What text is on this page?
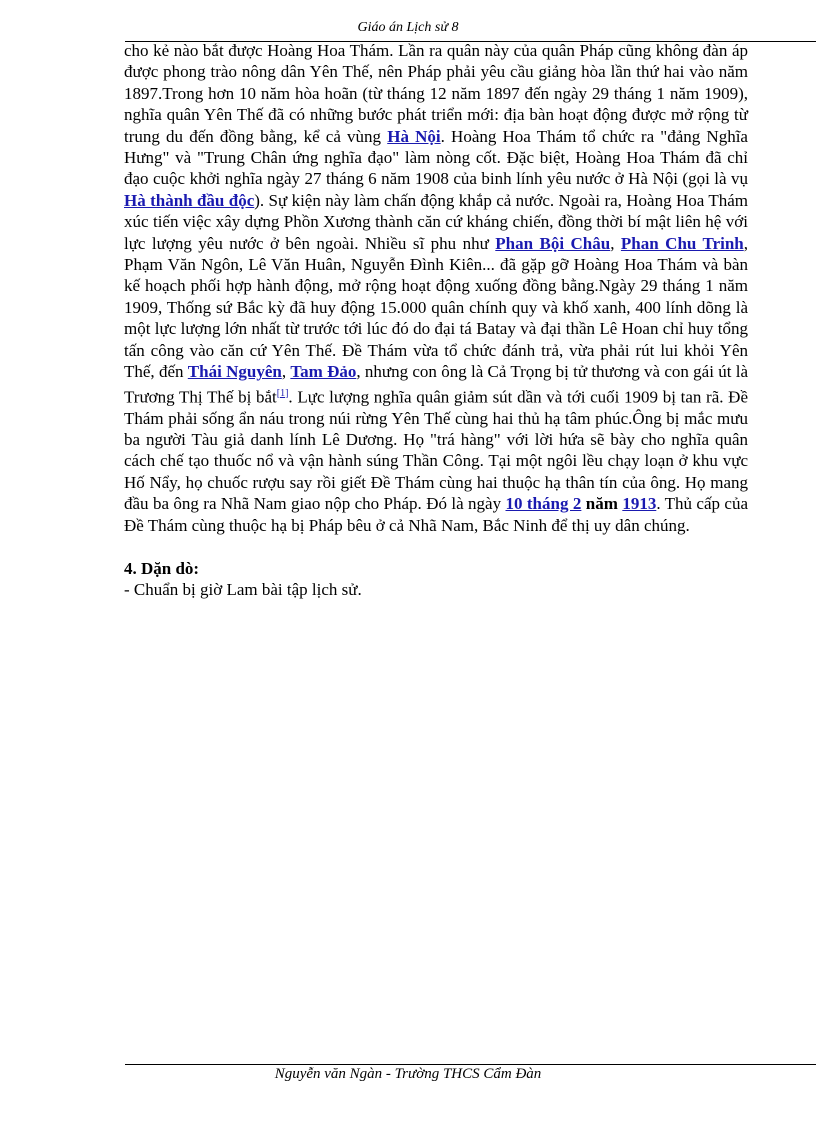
Giáo án Lịch sử 8

cho kẻ nào bắt được Hoàng Hoa Thám. Lần ra quân này của quân Pháp cũng không đàn áp được phong trào nông dân Yên Thế, nên Pháp phải yêu cầu giảng hòa lần thứ hai vào năm 1897.Trong hơn 10 năm hòa hoãn (từ tháng 12 năm 1897 đến ngày 29 tháng 1 năm 1909), nghĩa quân Yên Thế đã có những bước phát triển mới: địa bàn hoạt động được mở rộng từ trung du đến đồng bằng, kể cả vùng Hà Nội. Hoàng Hoa Thám tổ chức ra "đảng Nghĩa Hưng" và "Trung Chân ứng nghĩa đạo" làm nòng cốt. Đặc biệt, Hoàng Hoa Thám đã chỉ đạo cuộc khởi nghĩa ngày 27 tháng 6 năm 1908 của binh lính yêu nước ở Hà Nội (gọi là vụ Hà thành đầu độc). Sự kiện này làm chấn động khắp cả nước. Ngoài ra, Hoàng Hoa Thám xúc tiến việc xây dựng Phồn Xương thành căn cứ kháng chiến, đồng thời bí mật liên hệ với lực lượng yêu nước ở bên ngoài. Nhiều sĩ phu như Phan Bội Châu, Phan Chu Trinh, Phạm Văn Ngôn, Lê Văn Huân, Nguyễn Đình Kiên... đã gặp gỡ Hoàng Hoa Thám và bàn kế hoạch phối hợp hành động, mở rộng hoạt động xuống đồng bằng.Ngày 29 tháng 1 năm 1909, Thống sứ Bắc kỳ đã huy động 15.000 quân chính quy và khố xanh, 400 lính dõng là một lực lượng lớn nhất từ trước tới lúc đó do đại tá Batay và đại thần Lê Hoan chỉ huy tổng tấn công vào căn cứ Yên Thế. Đề Thám vừa tổ chức đánh trả, vừa phải rút lui khỏi Yên Thế, đến Thái Nguyên, Tam Đảo, nhưng con ông là Cả Trọng bị tử thương và con gái út là Trương Thị Thế bị bắt[1]. Lực lượng nghĩa quân giảm sút dần và tới cuối 1909 bị tan rã. Đề Thám phải sống ẩn náu trong núi rừng Yên Thế cùng hai thủ hạ tâm phúc.Ông bị mắc mưu ba người Tàu giả danh lính Lê Dương. Họ "trá hàng" với lời hứa sẽ bày cho nghĩa quân cách chế tạo thuốc nổ và vận hành súng Thần Công. Tại một ngôi lều chạy loạn ở khu vực Hố Nẩy, họ chuốc rượu say rồi giết Đề Thám cùng hai thuộc hạ thân tín của ông. Họ mang đầu ba ông ra Nhã Nam giao nộp cho Pháp. Đó là ngày 10 tháng 2 năm 1913. Thủ cấp của Đề Thám cùng thuộc hạ bị Pháp bêu ở cả Nhã Nam, Bắc Ninh để thị uy dân chúng.

4. Dặn dò:

- Chuẩn bị giờ Lam bài tập lịch sử.

Nguyễn văn Ngàn - Trường THCS Cẩm Đàn
